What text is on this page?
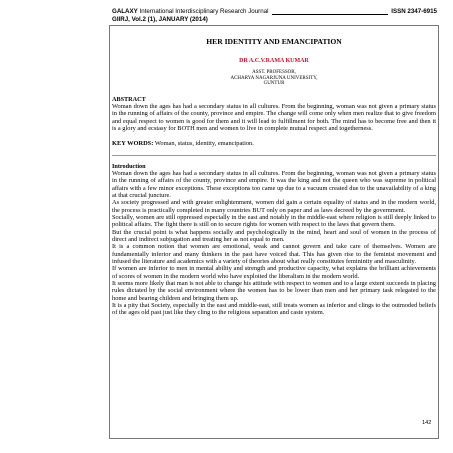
GALAXY
International Interdisciplinary Research Journal	ISSN 2347-6915
GIIRJ, Vol.2 (1), JANUARY (2014)
HER IDENTITY AND EMANCIPATION
DR A.C.V.RAMA KUMAR
ASST. PROFESSOR,
ACHARYA NAGARJUNA UNIVERSITY,
GUNTUR
ABSTRACT

Woman down the ages has had a secondary status in all cultures. From the beginning, woman was not given a primary status in the running of affairs of the county, province and empire. The change will come only when men realize that to give freedom and equal respect to women is good for them and it will lead to fulfillment for both. The mind has to become free and then it is a glory and ecstasy for BOTH men and women to live in complete mutual respect and togetherness.

KEY WORDS: Woman, status, identity, emancipation.
Introduction

Woman down the ages has had a secondary status in all cultures. From the beginning, woman was not given a primary status in the running of affairs of the county, province and empire. It was the king and not the queen who was supreme in political affairs with a few minor exceptions. These exceptions too came up due to a vacuum created due to the unavailability of a king at that crucial juncture.

As society progressed and with greater enlightenment, women did gain a certain equality of status and in the modern world, the process is practically completed in many countries BUT only on paper and as laws decreed by the government.

Socially, women are still oppressed especially in the east and notably in the middle-east where religion is still deeply linked to political affairs. The fight there is still on to secure rights for women with respect to the laws that govern them.

But the crucial point is what happens socially and psychologically in the mind, heart and soul of women in the process of direct and indirect subjugation and treating her as not equal to men.

It is a common notion that women are emotional, weak and cannot govern and take care of themselves. Women are fundamentally inferior and many thinkers in the past have voiced that. This has given rise to the feminist movement and infused the literature and academics with a variety of theories about what really constitutes femininity and masculinity.

If women are inferior to men in mental ability and strength and productive capacity, what explains the brilliant achievements of scores of women in the modern world who have exploited the liberalism in the modern world.

It seems more likely that man is not able to change his attitude with respect to women and to a large extent succeeds in placing rules dictated by the social environment where the women has to be lower than men and her primary task relegated to the home and bearing children and bringing them up.

It is a pity that Society, especially in the east and middle-east, still treats women as inferior and clings to the outmoded beliefs of the ages old past just like they cling to the religious separation and caste system.

142
